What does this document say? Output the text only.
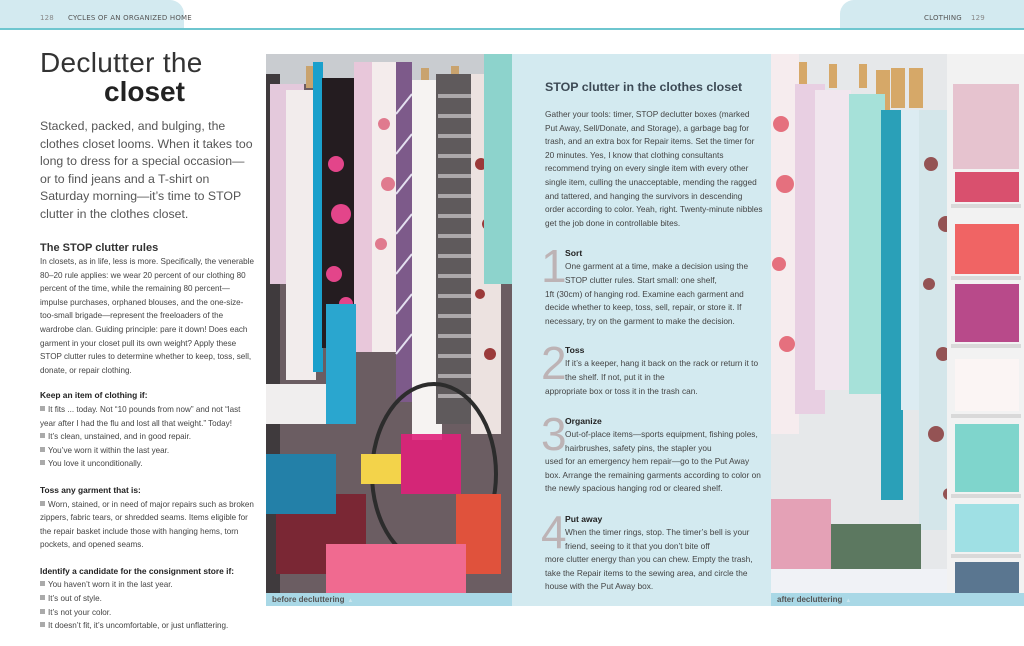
128 CYCLES OF AN ORGANIZED HOME	CLOTHING 129
Declutter the
closet

Stacked, packed, and bulging, the clothes closet looms. When it takes too long to dress for a special occasion—or to find jeans and a T-shirt on Saturday morning—it’s time to STOP clutter in the clothes closet.

The STOP clutter rules

In closets, as in life, less is more. Specifically, the venerable 80–20 rule applies: we wear 20 percent of our clothing 80 percent of the time, while the remaining 80 percent—impulse purchases, orphaned blouses, and the one-size-too-small brigade—represent the freeloaders of the wardrobe clan. Guiding principle: pare it down! Does each garment in your closet pull its own weight? Apply these STOP clutter rules to determine whether to keep, toss, sell, donate, or repair clothing.

Keep an item of clothing if:
It fits ... today. Not “10 pounds from now” and not “last year after I had the flu and lost all that weight.” Today!
It’s clean, unstained, and in good repair.
You’ve worn it within the last year.
You love it unconditionally.
Toss any garment that is:
Worn, stained, or in need of major repairs such as broken zippers, fabric tears, or shredded seams. Items eligible for the repair basket include those with hanging hems, torn pockets, and opened seams.
Identify a candidate for the consignment store if:
You haven’t worn it in the last year.
It’s out of style.
It’s not your color.
It doesn’t fit, it’s uncomfortable, or just unflattering.
before decluttering ▲
STOP clutter in the clothes closet

Gather your tools: timer, STOP declutter boxes (marked Put Away, Sell/Donate, and Storage), a garbage bag for trash, and an extra box for Repair items. Set the timer for 20 minutes. Yes, I know that clothing consultants recommend trying on every single item with every other single item, culling the unacceptable, mending the ragged and tattered, and hanging the survivors in descending order according to color. Yeah, right. Twenty-minute nibbles get the job done in controllable bites.

1
Sort
One garment at a time, make a decision using the STOP clutter rules. Start small: one shelf,
1ft (30cm) of hanging rod. Examine each garment and decide whether to keep, toss, sell, repair, or store it. If necessary, try on the garment to make the decision.
2
Toss
If it’s a keeper, hang it back on the rack or return it to the shelf. If not, put it in the
appropriate box or toss it in the trash can.
3
Organize
Out-of-place items—sports equipment, fishing poles, hairbrushes, safety pins, the stapler you
used for an emergency hem repair—go to the Put Away box. Arrange the remaining garments according to color on the newly spacious hanging rod or cleared shelf.
4
Put away
When the timer rings, stop. The timer’s bell is your friend, seeing to it that you don’t bite off
more clutter energy than you can chew. Empty the trash, take the Repair items to the sewing area, and circle the house with the Put Away box.
after decluttering ▲
